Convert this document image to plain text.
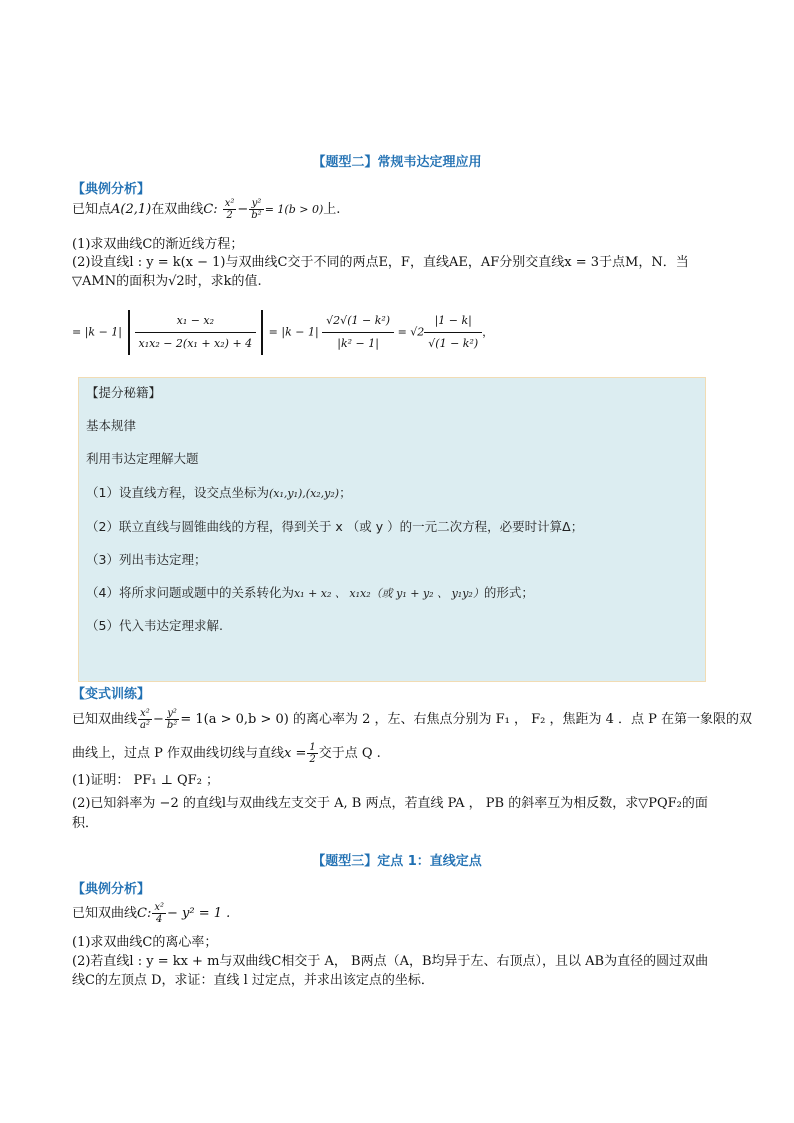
【题型二】常规韦达定理应用
【典例分析】
已知点A(2,1)在双曲线C: $\frac{\text{x²}}{2} - \frac{\text{y²}}{\text{b²}} = 1(b > 0)$上.
(1)求双曲线C的渐近线方程；
(2)设直线l : y = k(x − 1)与双曲线C交于不同的两点E，F，直线AE，AF分别交直线x = 3于点M，N．当
▽AMN的面积为√2时，求k的值.
= $|k - 1| \frac{\text{x₁ − x₂}}{\text{x₁x₂ − 2(x₁ + x₂) + 4}} = |k - 1| \frac{\text{√2√(1 − k²)}}{\text{|k² − 1|}} = √2 \frac{|1 - k|}{\text{√(1 − k²)}}$ ，
【提分秘籍】
基本规律
利用韦达定理解大题
（1）设直线方程，设交点坐标为(x₁,y₁),(x₂,y₂)；
（2）联立直线与圆锥曲线的方程，得到关于 x （或 y ）的一元二次方程，必要时计算Δ；
（3）列出韦达定理；
（4）将所求问题或题中的关系转化为x₁ + x₂ 、 x₁x₂（或 y₁ + y₂ 、 y₁y₂）的形式；
（5）代入韦达定理求解.
【变式训练】
已知双曲线 $\frac{\text{x²}}{\text{a²}} - \frac{\text{y²}}{\text{b²}} = 1(a > 0,b > 0)$ 的离心率为 2 ，左、右焦点分别为 F₁ ， F₂ ，焦距为 4 ．点 P 在第一象限的双
曲线上，过点 P 作双曲线切线与直线$x = \frac{1}{2}$ 交于点 Q .
(1)证明： PF₁ ⊥ QF₂ ；
(2)已知斜率为 −2 的直线l与双曲线左支交于 A, B 两点，若直线 PA ， PB 的斜率互为相反数，求▽PQF₂的面
积．
【题型三】定点 1：直线定点
【典例分析】
已知双曲线C: $\frac{\text{x²}}{4} - y^2 = 1$ .
(1)求双曲线C的离心率；
(2)若直线l : y = kx + m与双曲线C相交于 A， B两点（A，B均异于左、右顶点），且以 AB为直径的圆过双曲
线C的左顶点 D，求证：直线 l 过定点，并求出该定点的坐标．
